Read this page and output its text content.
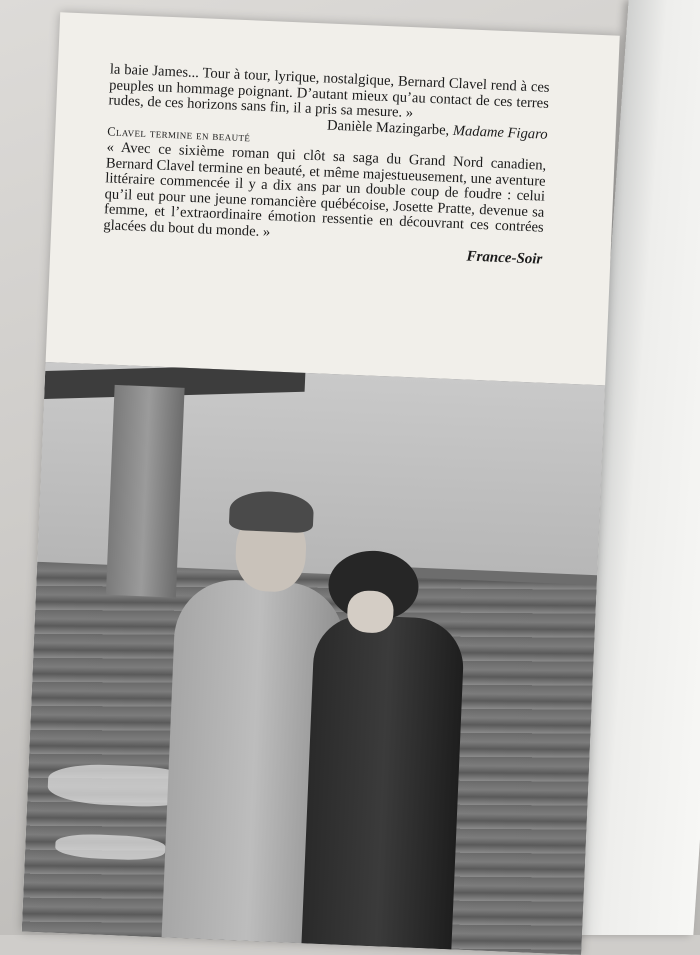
la baie James... Tour à tour, lyrique, nostalgique, Bernard Clavel rend à ces peuples un hommage poignant. D’autant mieux qu’au contact de ces terres rudes, de ces horizons sans fin, il a pris sa mesure. »

Danièle Mazingarbe, Madame Figaro

Clavel termine en beauté

« Avec ce sixième roman qui clôt sa saga du Grand Nord canadien, Bernard Clavel termine en beauté, et même majestueusement, une aventure littéraire commencée il y a dix ans par un double coup de foudre : celui qu’il eut pour une jeune romancière québécoise, Josette Pratte, devenue sa femme, et l’extraordinaire émotion ressentie en découvrant ces contrées glacées du bout du monde. »

France-Soir
